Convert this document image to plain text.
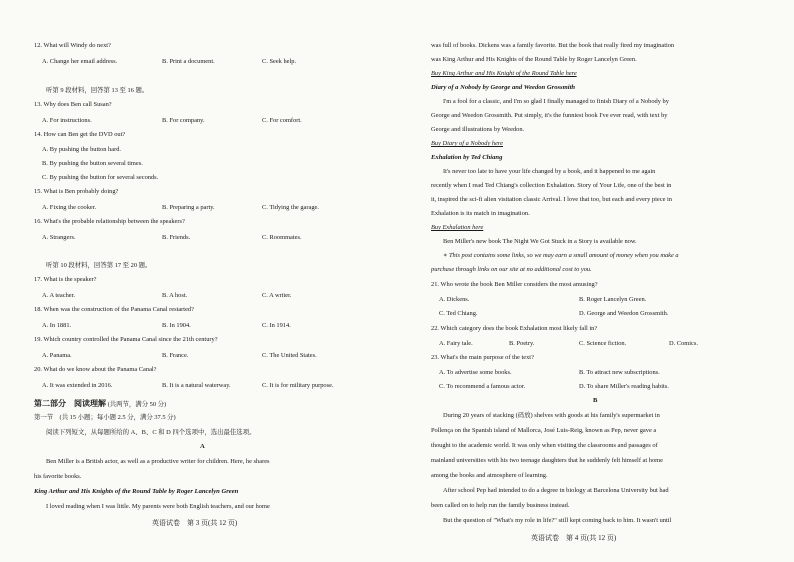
12. What will Windy do next?
A. Change her email address.	B. Print a document.	C. Seek help.
听第 9 段材料，回答第 13 至 16 题。
13. Why does Ben call Susan?
A. For instructions.	B. For company.	C. For comfort.
14. How can Ben get the DVD out?
A. By pushing the button hard.
B. By pushing the button several times.
C. By pushing the button for several seconds.
15. What is Ben probably doing?
A. Fixing the cooker.	B. Preparing a party.	C. Tidying the garage.
16. What's the probable relationship between the speakers?
A. Strangers.	B. Friends.	C. Roommates.
听第 10 段材料，回答第 17 至 20 题。
17. What is the speaker?
A. A teacher.	B. A host.	C. A writer.
18. When was the construction of the Panama Canal restarted?
A. In 1881.	B. In 1904.	C. In 1914.
19. Which country controlled the Panama Canal since the 21th century?
A. Panama.	B. France.	C. The United States.
20. What do we know about the Panama Canal?
A. It was extended in 2016.	B. It is a natural waterway.	C. It is for military purpose.
第二部分　阅读理解 (共两节，满分 50 分)
第一节　(共 15 小题；每小题 2.5 分，满分 37.5 分)
阅读下列短文，从每题所给的 A、B、C 和 D 四个选项中，选出最佳选项。
A
Ben Miller is a British actor, as well as a productive writer for children. Here, he shares
his favorite books.
King Arthur and His Knights of the Round Table by Roger Lancelyn Green
I loved reading when I was little. My parents were both English teachers, and our home
英语试卷　第 3 页(共 12 页)
was full of books. Dickens was a family favorite. But the book that really fired my imagination
was King Arthur and His Knights of the Round Table by Roger Lancelyn Green.
Buy King Arthur and His Knight of the Round Table here
Diary of a Nobody by George and Weedon Grossmith
I'm a fool for a classic, and I'm so glad I finally managed to finish Diary of a Nobody by
George and Weedon Grossmith. Put simply, it's the funniest book I've ever read, with text by
George and illustrations by Weedon.
Buy Diary of a Nobody here
Exhalation by Ted Chiang
It's never too late to have your life changed by a book, and it happened to me again
recently when I read Ted Chiang's collection Exhalation. Story of Your Life, one of the best in
it, inspired the sci-fi alien visitation classic Arrival. I love that too, but each and every piece in
Exhalation is its match in imagination.
Buy Exhalation here
Ben Miller's new book The Night We Got Stuck in a Story is available now.
∗ This post contains some links, so we may earn a small amount of money when you make a
purchase through links on our site at no additional cost to you.
21. Who wrote the book Ben Miller considers the most amusing?
A. Dickens.	B. Roger Lancelyn Green.
C. Ted Chiang.	D. George and Weedon Grossmith.
22. Which category does the book Exhalation most likely fall in?
A. Fairy tale.	B. Poetry.	C. Science fiction.	D. Comics.
23. What's the main purpose of the text?
A. To advertise some books.	B. To attract new subscriptions.
C. To recommend a famous actor.	D. To share Miller's reading habits.
B
During 20 years of stacking (码放) shelves with goods at his family's supermarket in
Pollença on the Spanish island of Mallorca, José Luis-Reig, known as Pep, never gave a
thought to the academic world. It was only when visiting the classrooms and passages of
mainland universities with his two teenage daughters that he suddenly felt himself at home
among the books and atmosphere of learning.
After school Pep had intended to do a degree in biology at Barcelona University but had
been called on to help run the family business instead.
But the question of "What's my role in life?" still kept coming back to him. It wasn't until
英语试卷　第 4 页(共 12 页)
